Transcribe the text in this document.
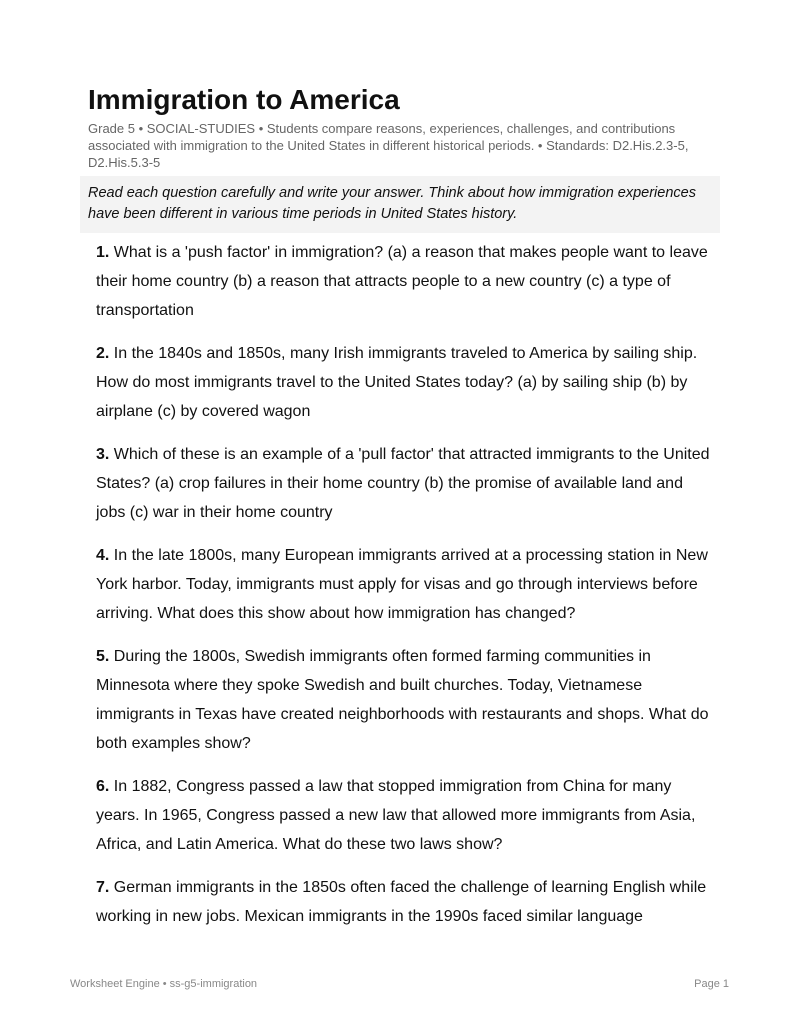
Immigration to America
Grade 5 • SOCIAL-STUDIES • Students compare reasons, experiences, challenges, and contributions associated with immigration to the United States in different historical periods. • Standards: D2.His.2.3-5, D2.His.5.3-5
Read each question carefully and write your answer. Think about how immigration experiences have been different in various time periods in United States history.

1. What is a 'push factor' in immigration? (a) a reason that makes people want to leave their home country (b) a reason that attracts people to a new country (c) a type of transportation

2. In the 1840s and 1850s, many Irish immigrants traveled to America by sailing ship. How do most immigrants travel to the United States today? (a) by sailing ship (b) by airplane (c) by covered wagon

3. Which of these is an example of a 'pull factor' that attracted immigrants to the United States? (a) crop failures in their home country (b) the promise of available land and jobs (c) war in their home country

4. In the late 1800s, many European immigrants arrived at a processing station in New York harbor. Today, immigrants must apply for visas and go through interviews before arriving. What does this show about how immigration has changed?

5. During the 1800s, Swedish immigrants often formed farming communities in Minnesota where they spoke Swedish and built churches. Today, Vietnamese immigrants in Texas have created neighborhoods with restaurants and shops. What do both examples show?

6. In 1882, Congress passed a law that stopped immigration from China for many years. In 1965, Congress passed a new law that allowed more immigrants from Asia, Africa, and Latin America. What do these two laws show?

7. German immigrants in the 1850s often faced the challenge of learning English while working in new jobs. Mexican immigrants in the 1990s faced similar language

Worksheet Engine • ss-g5-immigration	Page 1
